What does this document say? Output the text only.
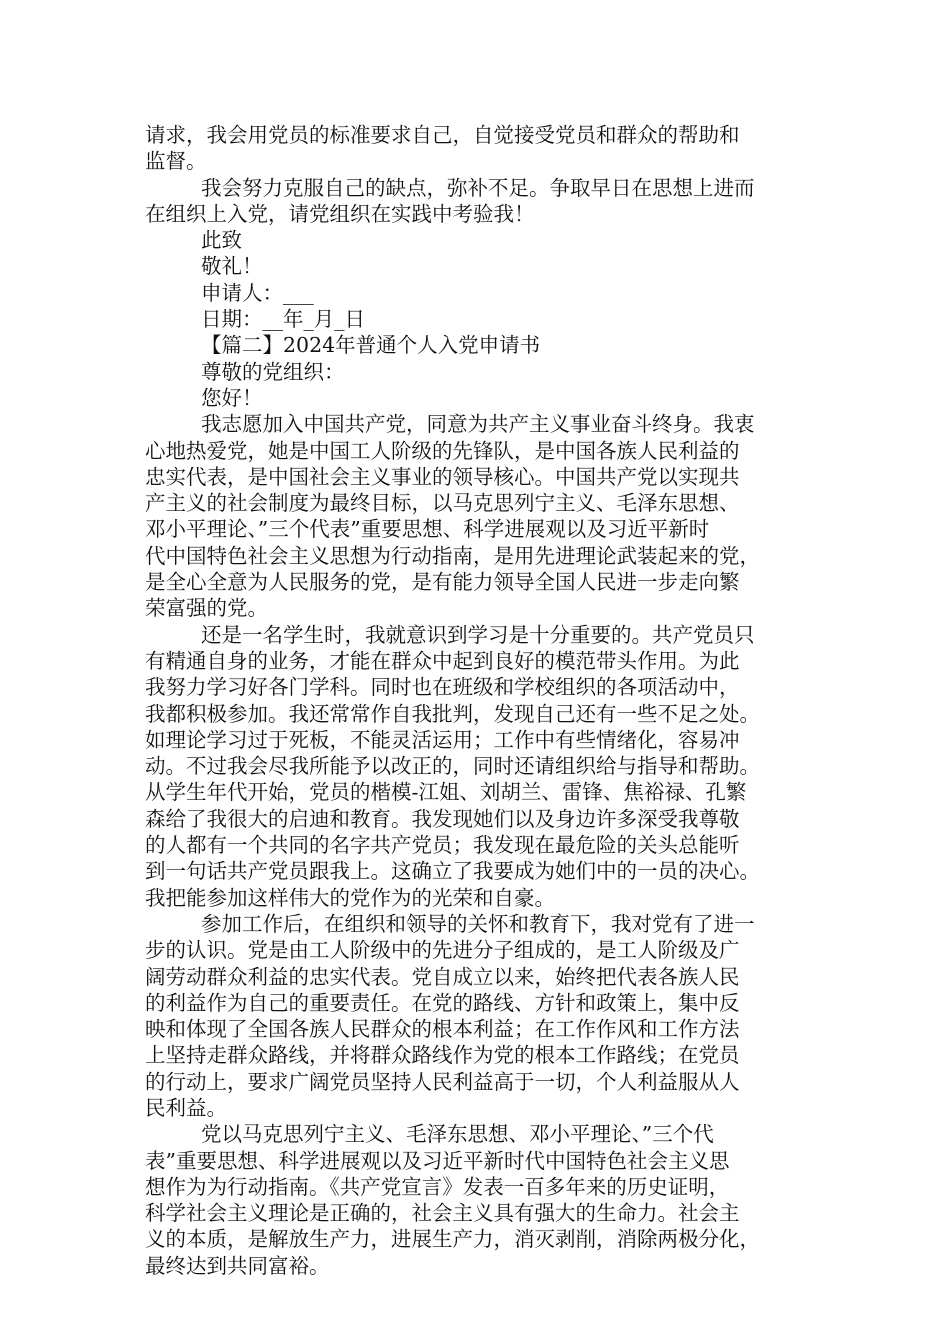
请求，我会用党员的标准要求自己，自觉接受党员和群众的帮助和
监督。
我会努力克服自己的缺点，弥补不足。争取早日在思想上进而
在组织上入党，请党组织在实践中考验我！
此致
敬礼！
申请人：___
日期：__年_月_日
【篇二】2024年普通个人入党申请书
尊敬的党组织：
您好！
我志愿加入中国共产党，同意为共产主义事业奋斗终身。我衷
心地热爱党，她是中国工人阶级的先锋队，是中国各族人民利益的
忠实代表，是中国社会主义事业的领导核心。中国共产党以实现共
产主义的社会制度为最终目标，以马克思列宁主义、毛泽东思想、
邓小平理论、”三个代表”重要思想、科学进展观以及习近平新时
代中国特色社会主义思想为行动指南，是用先进理论武装起来的党，
是全心全意为人民服务的党，是有能力领导全国人民进一步走向繁
荣富强的党。
还是一名学生时，我就意识到学习是十分重要的。共产党员只
有精通自身的业务，才能在群众中起到良好的模范带头作用。为此
我努力学习好各门学科。同时也在班级和学校组织的各项活动中，
我都积极参加。我还常常作自我批判，发现自己还有一些不足之处。
如理论学习过于死板，不能灵活运用；工作中有些情绪化，容易冲
动。不过我会尽我所能予以改正的，同时还请组织给与指导和帮助。
从学生年代开始，党员的楷模-江姐、刘胡兰、雷锋、焦裕禄、孔繁
森给了我很大的启迪和教育。我发现她们以及身边许多深受我尊敬
的人都有一个共同的名字共产党员；我发现在最危险的关头总能听
到一句话共产党员跟我上。这确立了我要成为她们中的一员的决心。
我把能参加这样伟大的党作为的光荣和自豪。
参加工作后，在组织和领导的关怀和教育下，我对党有了进一
步的认识。党是由工人阶级中的先进分子组成的，是工人阶级及广
阔劳动群众利益的忠实代表。党自成立以来，始终把代表各族人民
的利益作为自己的重要责任。在党的路线、方针和政策上，集中反
映和体现了全国各族人民群众的根本利益；在工作作风和工作方法
上坚持走群众路线，并将群众路线作为党的根本工作路线；在党员
的行动上，要求广阔党员坚持人民利益高于一切，个人利益服从人
民利益。
党以马克思列宁主义、毛泽东思想、邓小平理论、”三个代
表”重要思想、科学进展观以及习近平新时代中国特色社会主义思
想作为为行动指南。《共产党宣言》发表一百多年来的历史证明，
科学社会主义理论是正确的，社会主义具有强大的生命力。社会主
义的本质，是解放生产力，进展生产力，消灭剥削，消除两极分化，
最终达到共同富裕。
